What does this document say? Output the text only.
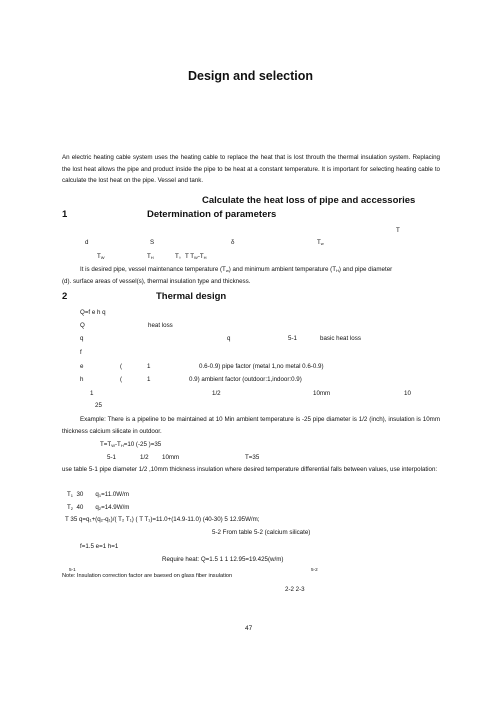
Design and selection
An electric heating cable system uses the heating cable to replace the heat that is lost throuth the thermal insulation system. Replacing the lost heat allows the pipe and product inside the pipe to be heat at a constant temperature. It is important for selecting heating cable to calculate the lost heat on the pipe. Vessel and tank.
Calculate the heat loss of pipe and accessories
1	Determination of parameters
T
d	S	δ	$T_w$
$T_W$	$T_H$	T。T $T_W-T_H$
It is desired pipe, vessel maintenance temperature $(T_w)$ and minimum ambient temperature $(T_H)$ and pipe diameter
(d). surface areas of vessel(s), thermal insulation type and thickness.
2	Thermal design
Q=f e h q
Q	heat loss
q	q	5-1	basic heat loss
f
e	(	1	0.6-0.9) pipe factor (metal 1,no metal 0.6-0.9)
h	(	1	0.9) ambient factor (outdoor:1,indoor:0.9)
1	1/2	10mm	10
25
Example: There is a pipeline to be maintained at 10 Min ambient temperature is -25 pipe diameter is 1/2 (inch), insulation is 10mm thickness calcium silicate in outdoor.
$T=T_W-T_H=10$ (-25 )=35
5-1	1/2 10mm	T=35
use table 5-1 pipe diameter 1/2 ,10mm thickness insulation where desired temperature differential falls between values, use interpolation:
$T_1$ 30 $q_1=11.0W/m$
$T_2$ 40 $q_2=14.9W/m$
T 35 q=q₁+(q₂-q₁)/( T₂ T₁) ( T T₁)=11.0+(14.9-11.0) (40-30) 5 12.95W/m;
5-2 From table 5-2 (calcium silicate)
f=1.5 e=1 h=1
Require heat: Q=1.5 1 1 12.95=19.425(w/m)
5-1	5-2
Note: Insulation correction factor are baesed on glass fiber insulation
2-2 2-3
47
